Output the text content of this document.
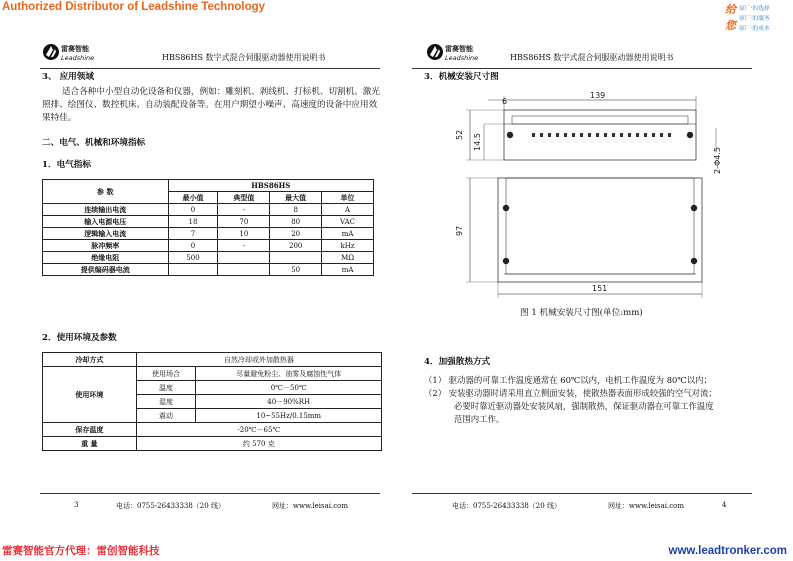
Authorized Distributor of Leadshine Technology	给
您
原厂·的选择
原厂·的服务
原厂·的成本
雷赛智能
Leadshine	HBS86HS 数字式混合伺服驱动器使用说明书
3、 应用领域
适合各种中小型自动化设备和仪器，例如：雕刻机、剥线机、打标机、切割机、激光照排、绘图仪、数控机床、自动装配设备等。在用户期望小噪声、高速度的设备中应用效果特佳。
二、电气、机械和环境指标
1．电气指标
参 数	HBS86HS			
	最小值	典型值	最大值	单位
连续输出电流	0	-	8	A
输入电源电压	18	70	80	VAC
逻辑输入电流	7	10	20	mA
脉冲频率	0	-	200	kHz
绝缘电阻	500			MΩ
提供编码器电流			50	mA
2．使用环境及参数
冷却方式	自然冷却或外加散热器	
使用环境	使用场合	尽量避免粉尘、油雾及腐蚀性气体
	温度	0℃－50℃
	湿度	40－90%RH
	震动	10~55Hz/0.15mm
保存温度	-20℃－65℃	
重 量	约 570 克	
3	电话：0755-26433338（20 线）	网址：www.leisai.com
雷赛智能
Leadshine	HBS86HS 数字式混合伺服驱动器使用说明书
3．机械安装尺寸图
6
139
52 14.5
2-Φ4.5
97
151
图 1 机械安装尺寸图(单位:mm)
4．加强散热方式

（1） 驱动器的可靠工作温度通常在 60℃以内，电机工作温度为 80℃以内；

（2） 安装驱动器时请采用直立侧面安装，使散热器表面形成较强的空气对流；

必要时靠近驱动器处安装风扇，强制散热，保证驱动器在可靠工作温度

范围内工作。

电话：0755-26433338（20 线）	网址：www.leisai.com	4
雷赛智能官方代理：雷创智能科技	www.leadtronker.com
